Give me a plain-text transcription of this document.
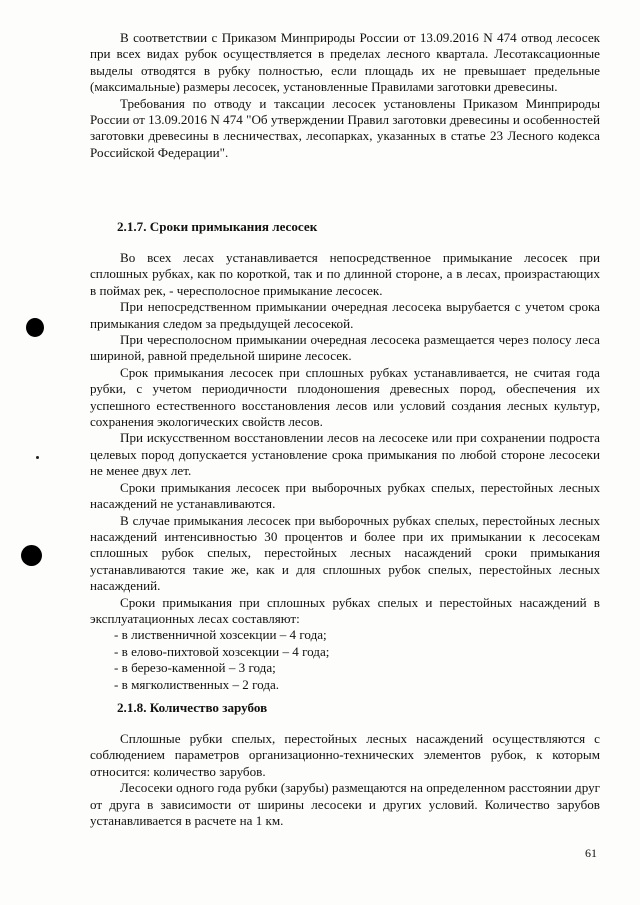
В соответствии с Приказом Минприроды России от 13.09.2016 N 474 отвод лесосек при всех видах рубок осуществляется в пределах лесного квартала. Лесотаксационные выделы отводятся в рубку полностью, если площадь их не превышает предельные (максимальные) размеры лесосек, установленные Правилами заготовки древесины.

Требования по отводу и таксации лесосек установлены Приказом Минприроды России от 13.09.2016 N 474 "Об утверждении Правил заготовки древесины и особенностей заготовки древесины в лесничествах, лесопарках, указанных в статье 23 Лесного кодекса Российской Федерации".

2.1.7. Сроки примыкания лесосек

Во всех лесах устанавливается непосредственное примыкание лесосек при сплошных рубках, как по короткой, так и по длинной стороне, а в лесах, произрастающих в поймах рек, - чересполосное примыкание лесосек.

При непосредственном примыкании очередная лесосека вырубается с учетом срока примыкания следом за предыдущей лесосекой.

При чересполосном примыкании очередная лесосека размещается через полосу леса шириной, равной предельной ширине лесосек.

Срок примыкания лесосек при сплошных рубках устанавливается, не считая года рубки, с учетом периодичности плодоношения древесных пород, обеспечения их успешного естественного восстановления лесов или условий создания лесных культур, сохранения экологических свойств лесов.

При искусственном восстановлении лесов на лесосеке или при сохранении подроста целевых пород допускается установление срока примыкания по любой стороне лесосеки не менее двух лет.

Сроки примыкания лесосек при выборочных рубках спелых, перестойных лесных насаждений не устанавливаются.

В случае примыкания лесосек при выборочных рубках спелых, перестойных лесных насаждений интенсивностью 30 процентов и более при их примыкании к лесосекам сплошных рубок спелых, перестойных лесных насаждений сроки примыкания устанавливаются такие же, как и для сплошных рубок спелых, перестойных лесных насаждений.

Сроки примыкания при сплошных рубках спелых и перестойных насаждений в эксплуатационных лесах составляют:

- в лиственничной хозсекции – 4 года;
- в елово-пихтовой хозсекции – 4 года;
- в березо-каменной – 3 года;
- в мягколиственных – 2 года.
2.1.8. Количество зарубов

Сплошные рубки спелых, перестойных лесных насаждений осуществляются с соблюдением параметров организационно-технических элементов рубок, к которым относится: количество зарубов.

Лесосеки одного года рубки (зарубы) размещаются на определенном расстоянии друг от друга в зависимости от ширины лесосеки и других условий. Количество зарубов устанавливается в расчете на 1 км.

61
